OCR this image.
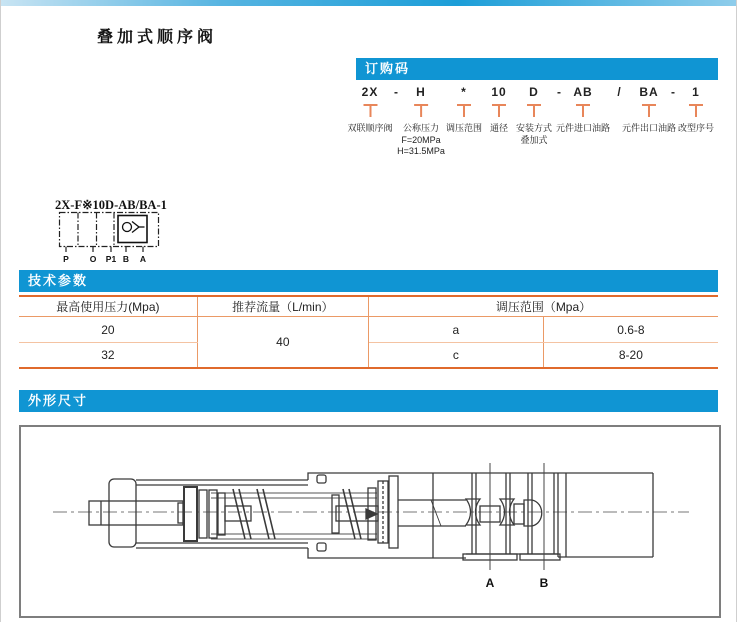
叠加式顺序阀
订购码
2X
双联顺序阀
H
公称压力
F=20MPa
H=31.5MPa
*
调压范围
10
通径
D
安装方式
叠加式
AB
元件进口油路
BA
元件出口油路
1
改型序号
-	-	/	-
2X-F※10D-AB/BA-1
P O P1 B A
技术参数
最高使用压力(Mpa)	推荐流量（L/min）	调压范围（Mpa）	
20	40	a	0.6-8
32		c	8-20
外形尺寸
A	B
